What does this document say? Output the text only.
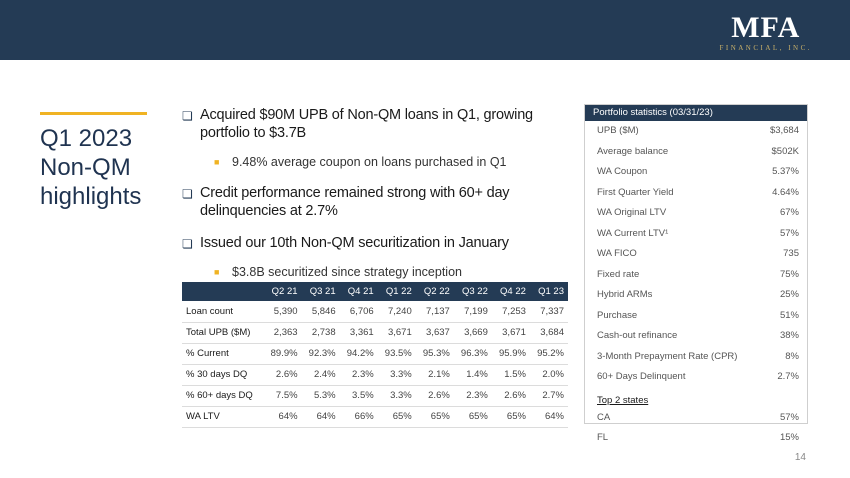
MFA
FINANCIAL, INC.
Q1 2023 Non-QM highlights
❏ Acquired $90M UPB of Non-QM loans in Q1, growing portfolio to $3.7B
■ 9.48% average coupon on loans purchased in Q1
❏ Credit performance remained strong with 60+ day delinquencies at 2.7%
❏ Issued our 10th Non-QM securitization in January
■ $3.8B securitized since strategy inception
	Q2 21	Q3 21	Q4 21	Q1 22	Q2 22	Q3 22	Q4 22	Q1 23
Loan count	5,390	5,846	6,706	7,240	7,137	7,199	7,253	7,337
Total UPB ($M)	2,363	2,738	3,361	3,671	3,637	3,669	3,671	3,684
% Current	89.9%	92.3%	94.2%	93.5%	95.3%	96.3%	95.9%	95.2%
% 30 days DQ	2.6%	2.4%	2.3%	3.3%	2.1%	1.4%	1.5%	2.0%
% 60+ days DQ	7.5%	5.3%	3.5%	3.3%	2.6%	2.3%	2.6%	2.7%
WA LTV	64%	64%	66%	65%	65%	65%	65%	64%
Portfolio statistics (03/31/23)
UPB ($M)	$3,684
Average balance	$502K
WA Coupon	5.37%
First Quarter Yield	4.64%
WA Original LTV	67%
WA Current LTV¹	57%
WA FICO	735
Fixed rate	75%
Hybrid ARMs	25%
Purchase	51%
Cash-out refinance	38%
3-Month Prepayment Rate (CPR)	8%
60+ Days Delinquent	2.7%
Top 2 states
CA	57%
FL	15%
14
